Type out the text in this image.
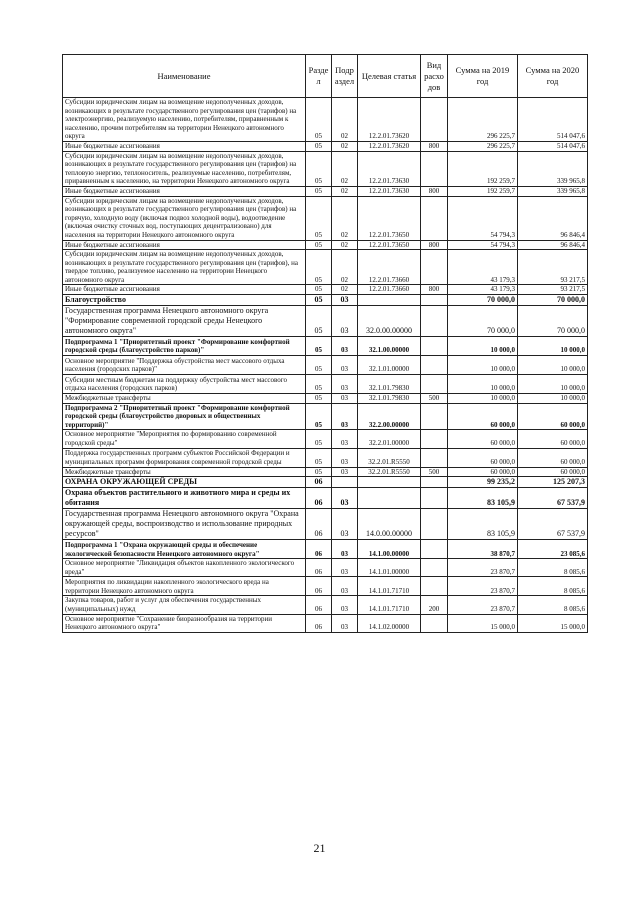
Наименование	Разде л	Подр аздел	Целевая статья	Вид расхо дов	Сумма на 2019 год	Сумма на 2020 год
Субсидии юридическим лицам на возмещение недополученных доходов, возникающих в результате государственного регулирования цен (тарифов) на электроэнергию, реализуемую населению, потребителям, приравненным к населению, прочим потребителям на территории Ненецкого автономного округа	05	02	12.2.01.73620		296 225,7	514 047,6
Иные бюджетные ассигнования	05	02	12.2.01.73620	800	296 225,7	514 047,6
Субсидии юридическим лицам на возмещение недополученных доходов, возникающих в результате государственного регулирования цен (тарифов) на тепловую энергию, теплоноситель, реализуемые населению, потребителям, приравненным к населению, на территории Ненецкого автономного округа	05	02	12.2.01.73630		192 259,7	339 965,8
Иные бюджетные ассигнования	05	02	12.2.01.73630	800	192 259,7	339 965,8
Субсидии юридическим лицам на возмещение недополученных доходов, возникающих в результате государственного регулирования цен (тарифов) на горячую, холодную воду (включая подвоз холодной воды), водоотведение (включая очистку сточных вод, поступающих децентрализовано) для населения на территории Ненецкого автономного округа	05	02	12.2.01.73650		54 794,3	96 846,4
Иные бюджетные ассигнования	05	02	12.2.01.73650	800	54 794,3	96 846,4
Субсидии юридическим лицам на возмещение недополученных доходов, возникающих в результате государственного регулирования цен (тарифов), на твердое топливо, реализуемое населению на территории Ненецкого автономного округа	05	02	12.2.01.73660		43 179,3	93 217,5
Иные бюджетные ассигнования	05	02	12.2.01.73660	800	43 179,3	93 217,5
Благоустройство	05	03			70 000,0	70 000,0
Государственная программа Ненецкого автономного округа "Формирование современной городской среды Ненецкого автономного округа"	05	03	32.0.00.00000		70 000,0	70 000,0
Подпрограмма 1 "Приоритетный проект "Формирование комфортной городской среды (благоустройство парков)"	05	03	32.1.00.00000		10 000,0	10 000,0
Основное мероприятие "Поддержка обустройства мест массового отдыха населения (городских парков)"	05	03	32.1.01.00000		10 000,0	10 000,0
Субсидии местным бюджетам на поддержку обустройства мест массового отдыха населения (городских парков)	05	03	32.1.01.79830		10 000,0	10 000,0
Межбюджетные трансферты	05	03	32.1.01.79830	500	10 000,0	10 000,0
Подпрограмма 2 "Приоритетный проект "Формирование комфортной городской среды (благоустройство дворовых и общественных территорий)"	05	03	32.2.00.00000		60 000,0	60 000,0
Основное мероприятие "Мероприятия по формированию современной городской среды"	05	03	32.2.01.00000		60 000,0	60 000,0
Поддержка государственных программ субъектов Российской Федерации и муниципальных программ формирования современной городской среды	05	03	32.2.01.R5550		60 000,0	60 000,0
Межбюджетные трансферты	05	03	32.2.01.R5550	500	60 000,0	60 000,0
ОХРАНА ОКРУЖАЮЩЕЙ СРЕДЫ	06				99 235,2	125 207,3
Охрана объектов растительного и животного мира и среды их обитания	06	03			83 105,9	67 537,9
Государственная программа Ненецкого автономного округа "Охрана окружающей среды, воспроизводство и использование природных ресурсов"	06	03	14.0.00.00000		83 105,9	67 537,9
Подпрограмма 1 "Охрана окружающей среды и обеспечение экологической безопасности Ненецкого автономного округа"	06	03	14.1.00.00000		38 870,7	23 085,6
Основное мероприятие "Ликвидация объектов накопленного экологического вреда"	06	03	14.1.01.00000		23 870,7	8 085,6
Мероприятия по ликвидации накопленного экологического вреда на территории Ненецкого автономного округа	06	03	14.1.01.71710		23 870,7	8 085,6
Закупка товаров, работ и услуг для обеспечения государственных (муниципальных) нужд	06	03	14.1.01.71710	200	23 870,7	8 085,6
Основное мероприятие "Сохранение биоразнообразия на территории Ненецкого автономного округа"	06	03	14.1.02.00000		15 000,0	15 000,0
21
